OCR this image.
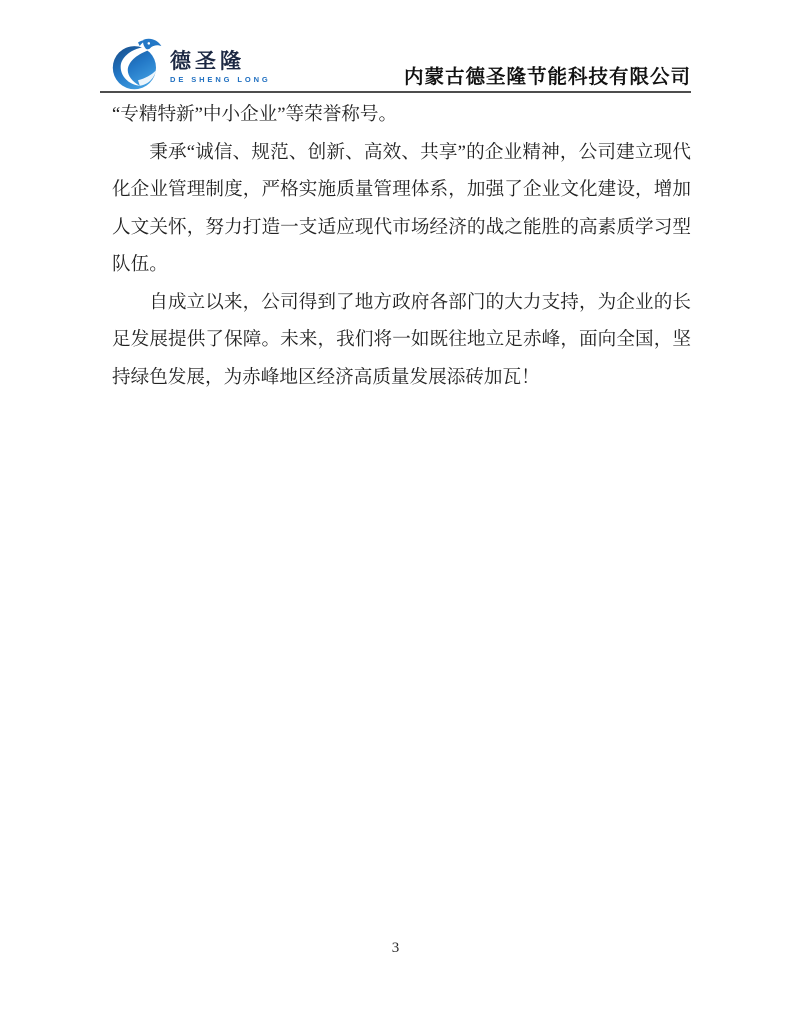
德圣隆
DE SHENG LONG	内蒙古德圣隆节能科技有限公司

“专精特新”中小企业”等荣誉称号。

秉承“诚信、规范、创新、高效、共享”的企业精神，公司建立现代化企业管理制度，严格实施质量管理体系，加强了企业文化建设，增加人文关怀，努力打造一支适应现代市场经济的战之能胜的高素质学习型队伍。

自成立以来，公司得到了地方政府各部门的大力支持，为企业的长足发展提供了保障。未来，我们将一如既往地立足赤峰，面向全国，坚持绿色发展，为赤峰地区经济高质量发展添砖加瓦！

3
